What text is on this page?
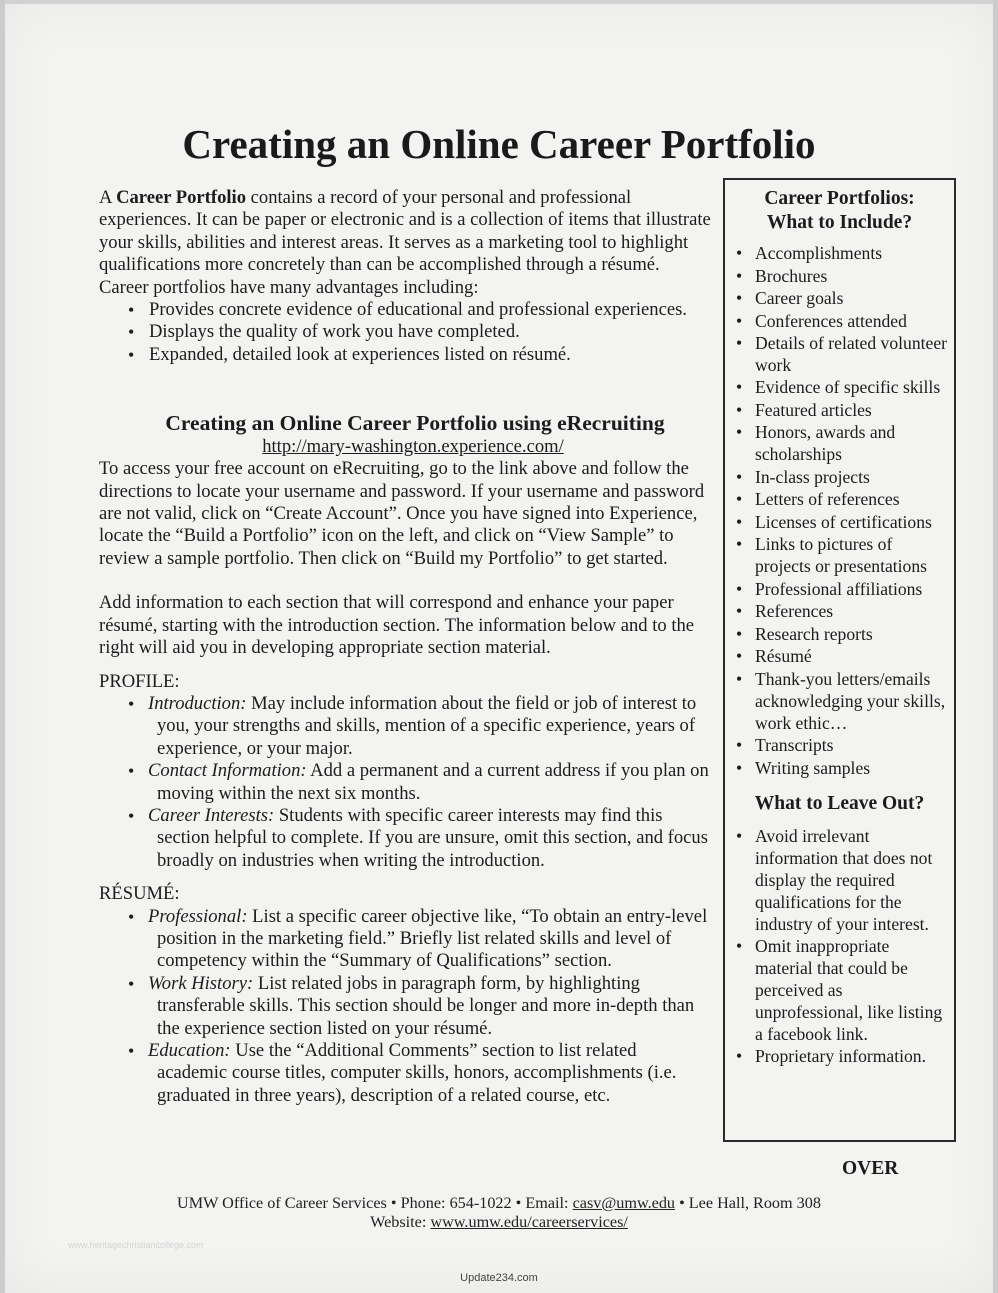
Creating an Online Career Portfolio

A Career Portfolio contains a record of your personal and professional experiences. It can be paper or electronic and is a collection of items that illustrate your skills, abilities and interest areas. It serves as a marketing tool to highlight qualifications more concretely than can be accomplished through a résumé. Career portfolios have many advantages including:

• Provides concrete evidence of educational and professional experiences.
• Displays the quality of work you have completed.
• Expanded, detailed look at experiences listed on résumé.
Creating an Online Career Portfolio using eRecruiting
http://mary-washington.experience.com/

To access your free account on eRecruiting, go to the link above and follow the directions to locate your username and password. If your username and password are not valid, click on “Create Account”. Once you have signed into Experience, locate the “Build a Portfolio” icon on the left, and click on “View Sample” to review a sample portfolio. Then click on “Build my Portfolio” to get started.

Add information to each section that will correspond and enhance your paper résumé, starting with the introduction section. The information below and to the right will aid you in developing appropriate section material.

PROFILE:

• Introduction: May include information about the field or job of interest to you, your strengths and skills, mention of a specific experience, years of experience, or your major.
• Contact Information: Add a permanent and a current address if you plan on moving within the next six months.
• Career Interests: Students with specific career interests may find this section helpful to complete. If you are unsure, omit this section, and focus broadly on industries when writing the introduction.

RÉSUMÉ:

• Professional: List a specific career objective like, “To obtain an entry-level position in the marketing field.” Briefly list related skills and level of competency within the “Summary of Qualifications” section.
• Work History: List related jobs in paragraph form, by highlighting transferable skills. This section should be longer and more in-depth than the experience section listed on your résumé.
• Education: Use the “Additional Comments” section to list related academic course titles, computer skills, honors, accomplishments (i.e. graduated in three years), description of a related course, etc.
Career Portfolios:
What to Include?
• Accomplishments
• Brochures
• Career goals
• Conferences attended
• Details of related volunteer work
• Evidence of specific skills
• Featured articles
• Honors, awards and scholarships
• In-class projects
• Letters of references
• Licenses of certifications
• Links to pictures of projects or presentations
• Professional affiliations
• References
• Research reports
• Résumé
• Thank-you letters/emails acknowledging your skills, work ethic…
• Transcripts
• Writing samples
What to Leave Out?
• Avoid irrelevant information that does not display the required qualifications for the industry of your interest.
• Omit inappropriate material that could be perceived as unprofessional, like listing a facebook link.
• Proprietary information.
OVER
UMW Office of Career Services • Phone: 654-1022 • Email: casv@umw.edu • Lee Hall, Room 308
Website: www.umw.edu/careerservices/
www.heritagechristiancollege.com
Update234.com
